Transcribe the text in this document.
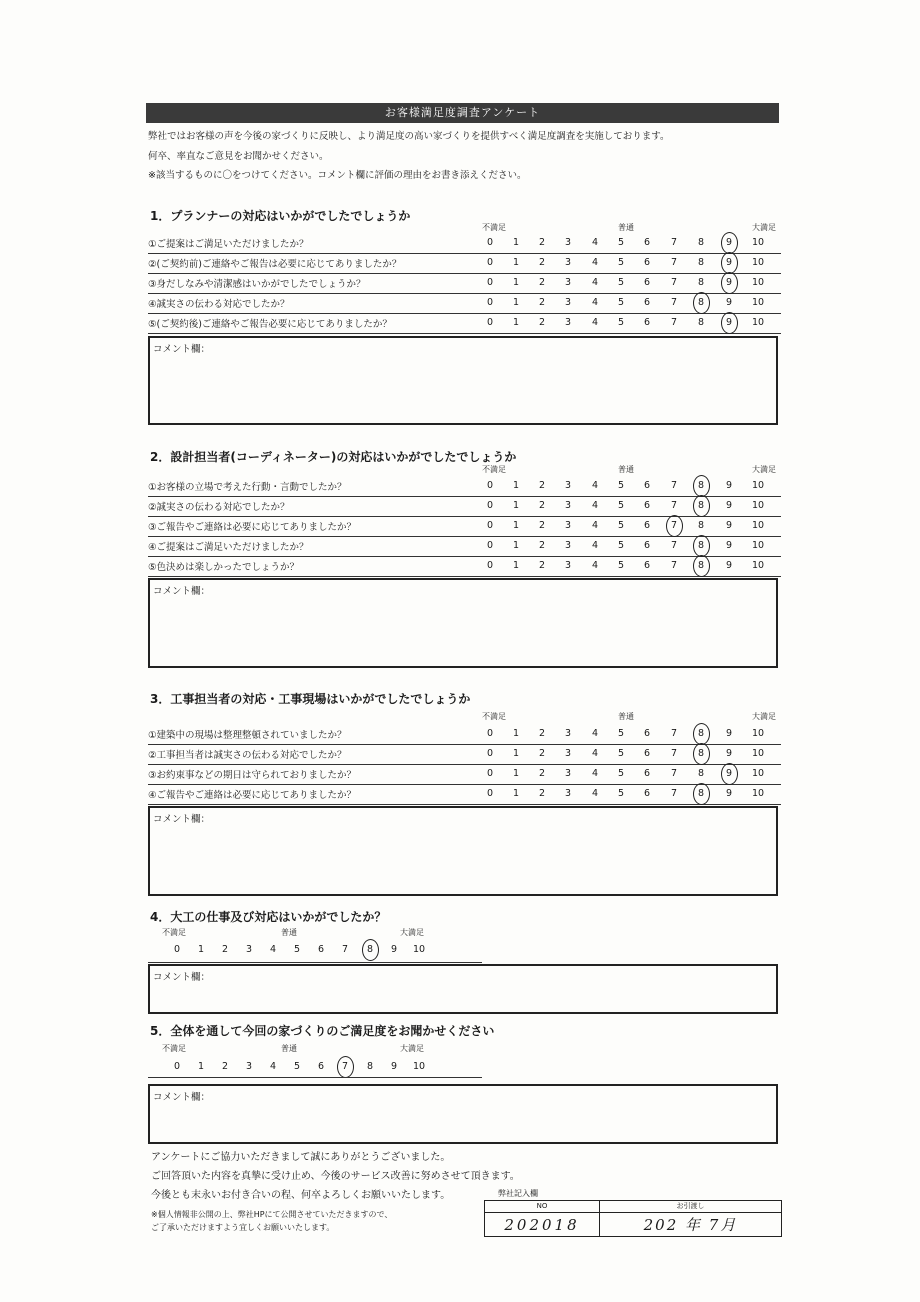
お客様満足度調査アンケート
弊社ではお客様の声を今後の家づくりに反映し、より満足度の高い家づくりを提供すべく満足度調査を実施しております。
何卒、率直なご意見をお聞かせください。
※該当するものに〇をつけてください。コメント欄に評価の理由をお書き添えください。
1．プランナーの対応はいかがでしたでしょうか
不満足	普通	大満足
①ご提案はご満足いただけましたか？	0	1	2	3	4	5	6	7	8	9	10
②(ご契約前)ご連絡やご報告は必要に応じてありましたか？	0	1	2	3	4	5	6	7	8	9	10
③身だしなみや清潔感はいかがでしたでしょうか？	0	1	2	3	4	5	6	7	8	9	10
④誠実さの伝わる対応でしたか？	0	1	2	3	4	5	6	7	8	9	10
⑤(ご契約後)ご連絡やご報告必要に応じてありましたか？	0	1	2	3	4	5	6	7	8	9	10
コメント欄：
2．設計担当者(コーディネーター)の対応はいかがでしたでしょうか
不満足	普通	大満足
①お客様の立場で考えた行動・言動でしたか？	0	1	2	3	4	5	6	7	8	9	10
②誠実さの伝わる対応でしたか？	0	1	2	3	4	5	6	7	8	9	10
③ご報告やご連絡は必要に応じてありましたか？	0	1	2	3	4	5	6	7	8	9	10
④ご提案はご満足いただけましたか？	0	1	2	3	4	5	6	7	8	9	10
⑤色決めは楽しかったでしょうか？	0	1	2	3	4	5	6	7	8	9	10
コメント欄：
3．工事担当者の対応・工事現場はいかがでしたでしょうか
不満足	普通	大満足
①建築中の現場は整理整頓されていましたか？	0	1	2	3	4	5	6	7	8	9	10
②工事担当者は誠実さの伝わる対応でしたか？	0	1	2	3	4	5	6	7	8	9	10
③お約束事などの期日は守られておりましたか？	0	1	2	3	4	5	6	7	8	9	10
④ご報告やご連絡は必要に応じてありましたか？	0	1	2	3	4	5	6	7	8	9	10
コメント欄：
4．大工の仕事及び対応はいかがでしたか？
不満足	普通	大満足
0	1	2	3	4	5	6	7	8	9	10
コメント欄：
5．全体を通して今回の家づくりのご満足度をお聞かせください
不満足	普通	大満足
0	1	2	3	4	5	6	7	8	9	10
コメント欄：
アンケートにご協力いただきまして誠にありがとうございました。
ご回答頂いた内容を真摯に受け止め、今後のサービス改善に努めさせて頂きます。
今後とも末永いお付き合いの程、何卒よろしくお願いいたします。
※個人情報非公開の上、弊社HPにて公開させていただきますので、
ご了承いただけますよう宜しくお願いいたします。
弊社記入欄
NO	お引渡し
202018	202 年 7月
